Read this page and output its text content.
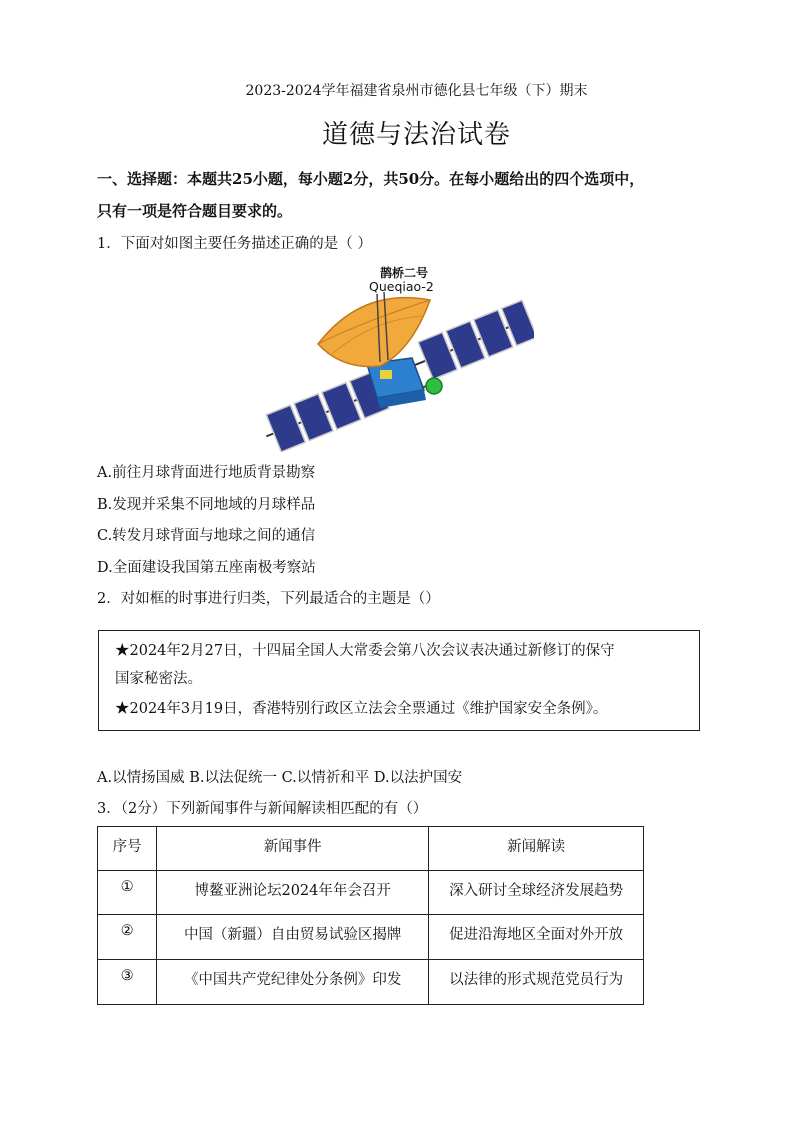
2023-2024学年福建省泉州市德化县七年级（下）期末
道德与法治试卷
一、选择题：本题共25小题，每小题2分，共50分。在每小题给出的四个选项中，
只有一项是符合题目要求的。
1．下面对如图主要任务描述正确的是（ ）
鹊桥二号
Queqiao-2
A.前往月球背面进行地质背景勘察
B.发现并采集不同地域的月球样品
C.转发月球背面与地球之间的通信
D.全面建设我国第五座南极考察站
2．对如框的时事进行归类，下列最适合的主题是（）
★2024年2月27日，十四届全国人大常委会第八次会议表决通过新修订的保守
国家秘密法。
★2024年3月19日，香港特别行政区立法会全票通过《维护国家安全条例》。
A.以情扬国威 B.以法促统一 C.以情祈和平 D.以法护国安
3．（2分）下列新闻事件与新闻解读相匹配的有（）
序号	新闻事件	新闻解读
①	博鳌亚洲论坛2024年年会召开	深入研讨全球经济发展趋势
②	中国（新疆）自由贸易试验区揭牌	促进沿海地区全面对外开放
③	《中国共产党纪律处分条例》印发	以法律的形式规范党员行为
